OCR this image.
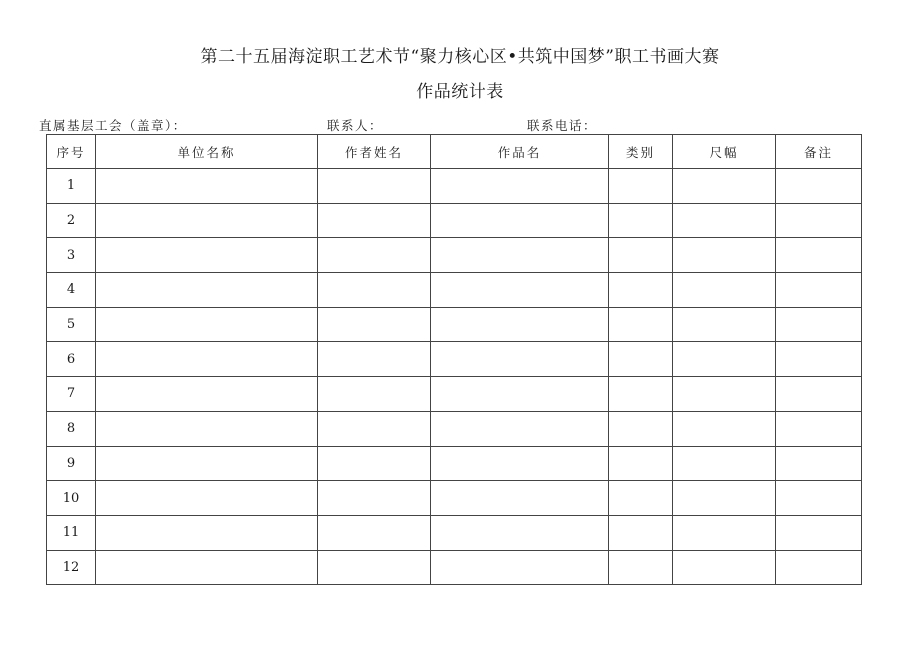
第二十五届海淀职工艺术节“聚力核心区•共筑中国梦”职工书画大赛
作品统计表
直属基层工会（盖章）：	联系人：	联系电话：
序号	单位名称	作者姓名	作品名	类别	尺幅	备注
1						
2						
3						
4						
5						
6						
7						
8						
9						
10						
11						
12						
